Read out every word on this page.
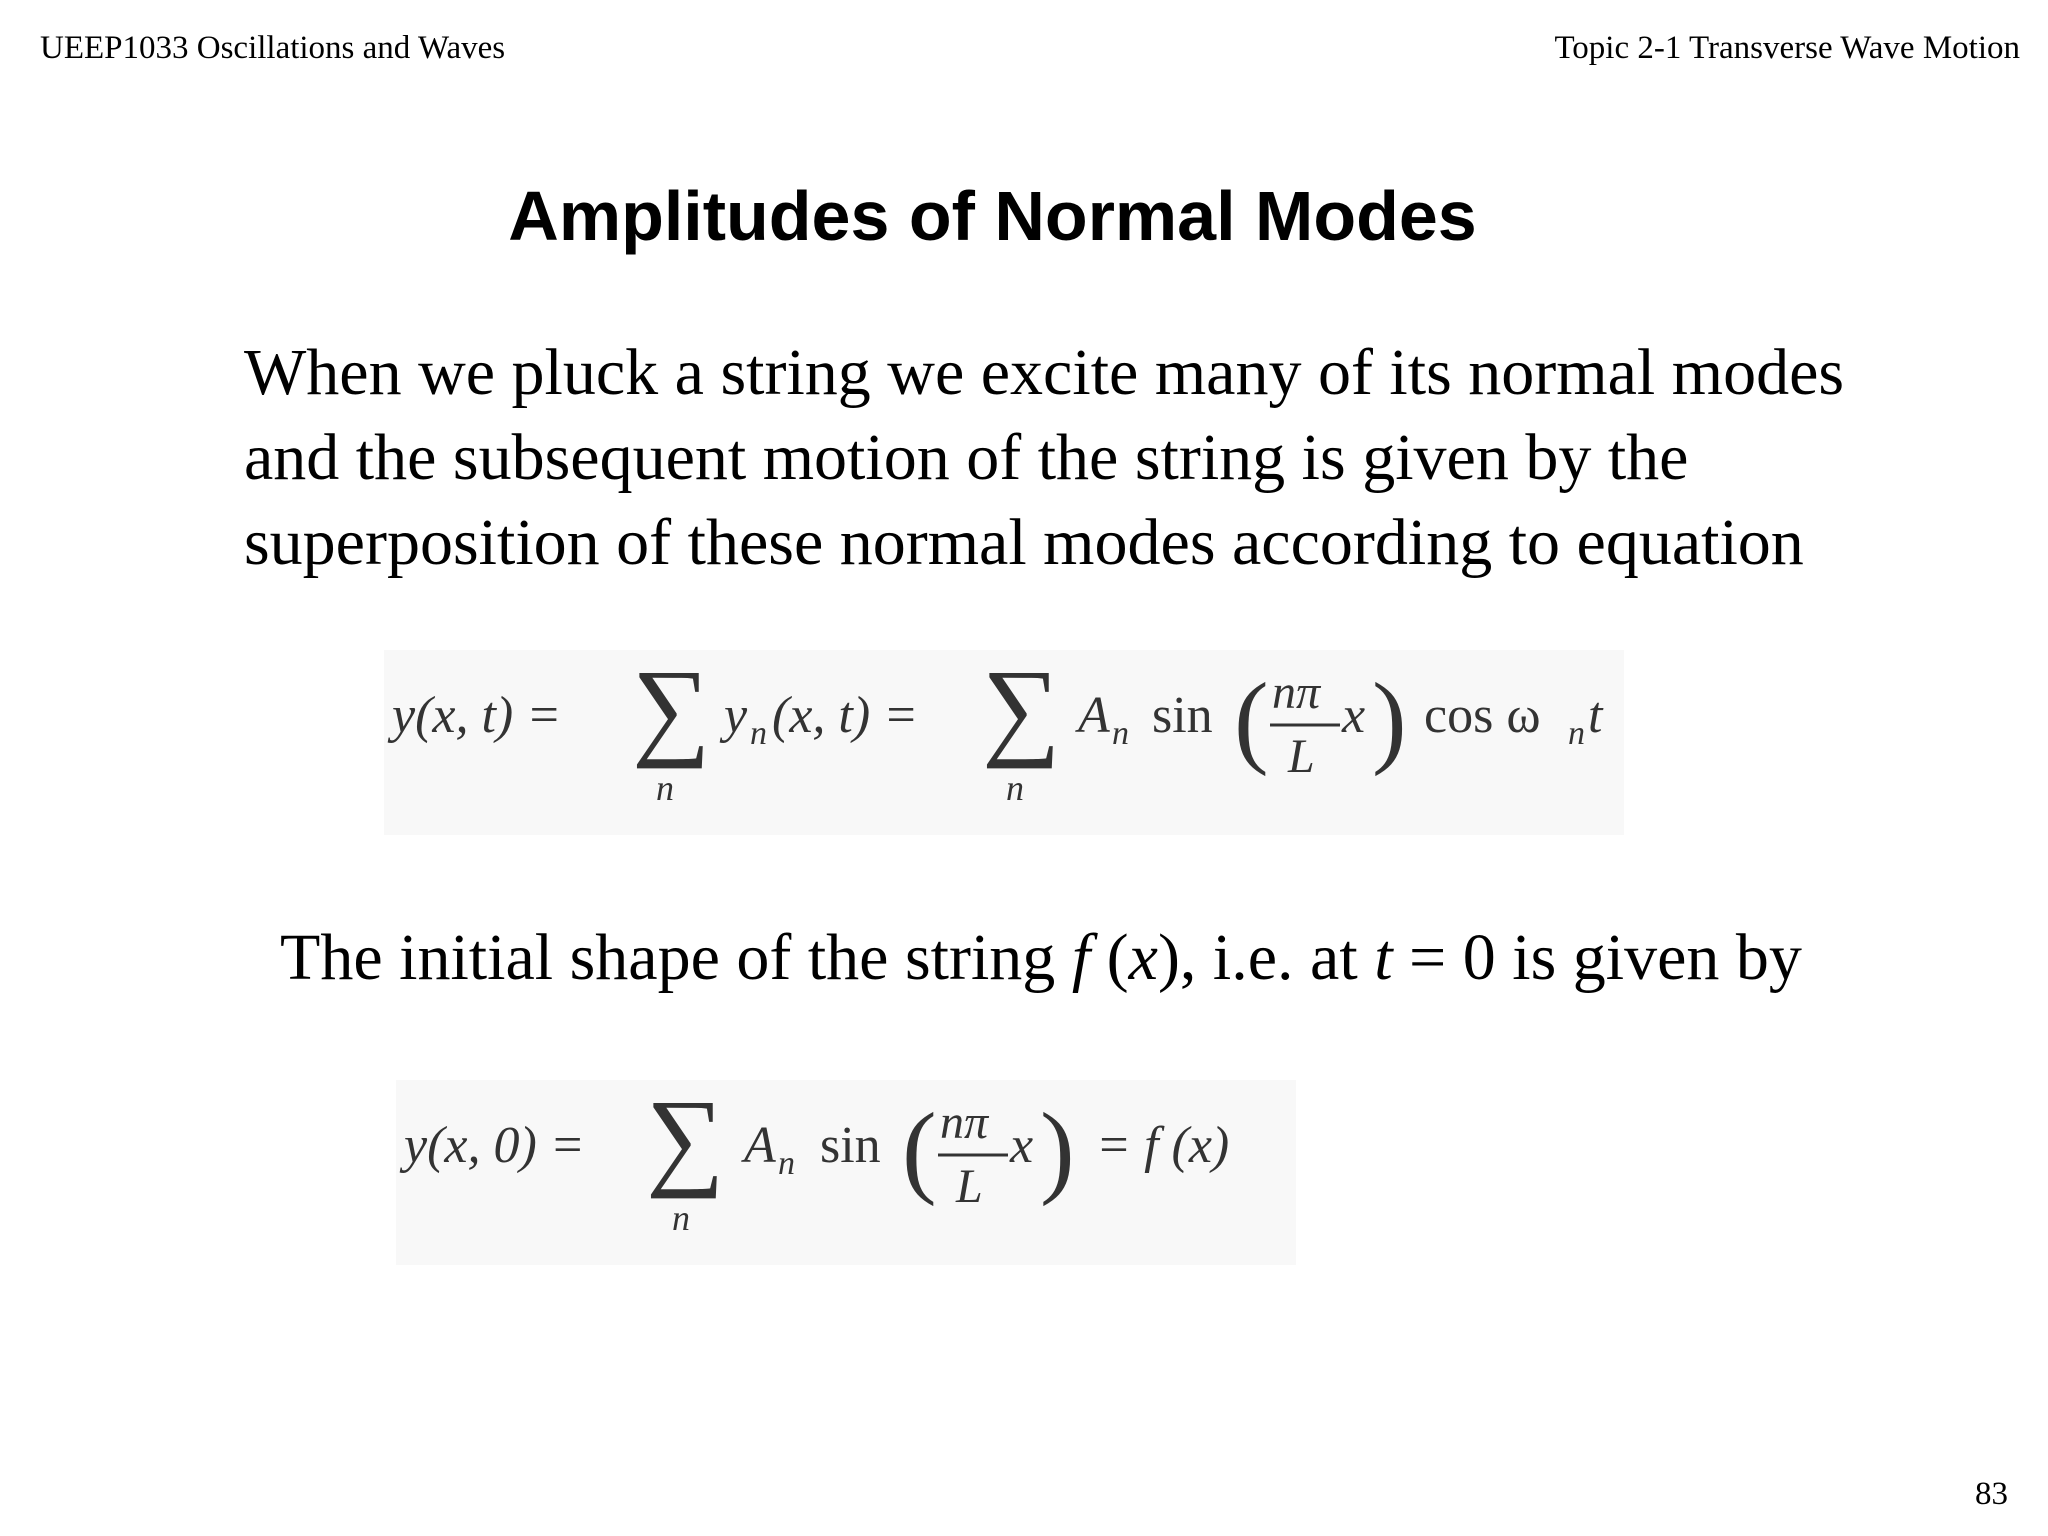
UEEP1033 Oscillations and Waves	Topic 2-1 Transverse Wave Motion
Amplitudes of Normal Modes
When we pluck a string we excite many of its normal modes
and the subsequent motion of the string is given by the
superposition of these normal modes according to equation
y(x, t) = ∑
n
y n (x, t) = ∑
n
A n sin ( nπ
L
x ) cos ω n t
The initial shape of the string f (x), i.e. at t = 0 is given by
y(x, 0) = ∑
n
A n sin ( nπ
L
x ) = f (x)
83
